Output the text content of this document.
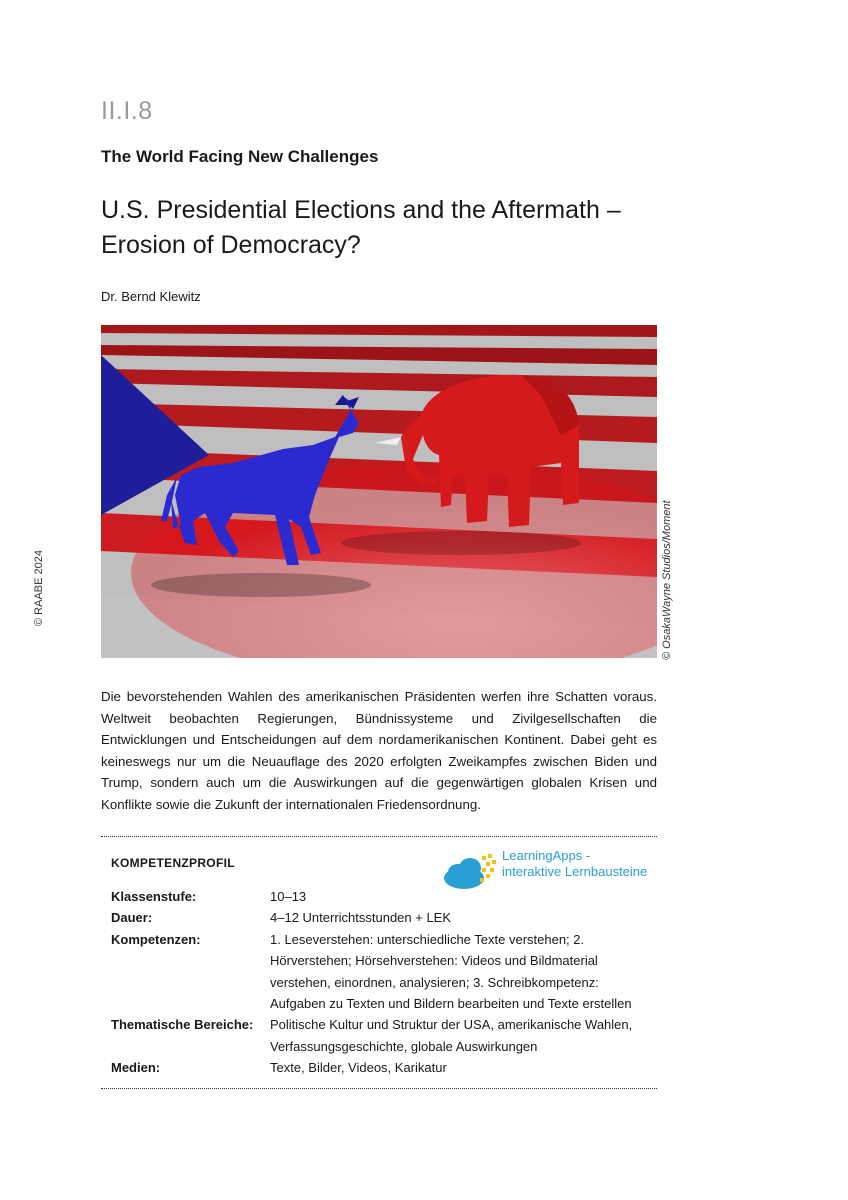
II.I.8
The World Facing New Challenges
U.S. Presidential Elections and the Aftermath –
Erosion of Democracy?
Dr. Bernd Klewitz
© OsakaWayne Studios/Moment
© RAABE 2024

Die bevorstehenden Wahlen des amerikanischen Präsidenten werfen ihre Schatten voraus. Weltweit beobachten Regierungen, Bündnissysteme und Zivilgesellschaften die Entwicklungen und Entscheidungen auf dem nordamerikanischen Kontinent. Dabei geht es keineswegs nur um die Neuauflage des 2020 erfolgten Zweikampfes zwischen Biden und Trump, sondern auch um die Auswirkungen auf die gegenwärtigen globalen Krisen und Konflikte sowie die Zukunft der internationalen Friedensordnung.

KOMPETENZPROFIL	LearningApps -
interaktive Lernbausteine
Klassenstufe:	10–13
Dauer:	4–12 Unterrichtsstunden + LEK
Kompetenzen:	1. Leseverstehen: unterschiedliche Texte verstehen; 2. Hörverstehen; Hörsehverstehen: Videos und Bildmaterial verstehen, einordnen, analysieren; 3. Schreibkompetenz: Aufgaben zu Texten und Bildern bearbeiten und Texte erstellen
Thematische Bereiche:	Politische Kultur und Struktur der USA, amerikanische Wahlen, Verfassungsgeschichte, globale Auswirkungen
Medien:	Texte, Bilder, Videos, Karikatur
